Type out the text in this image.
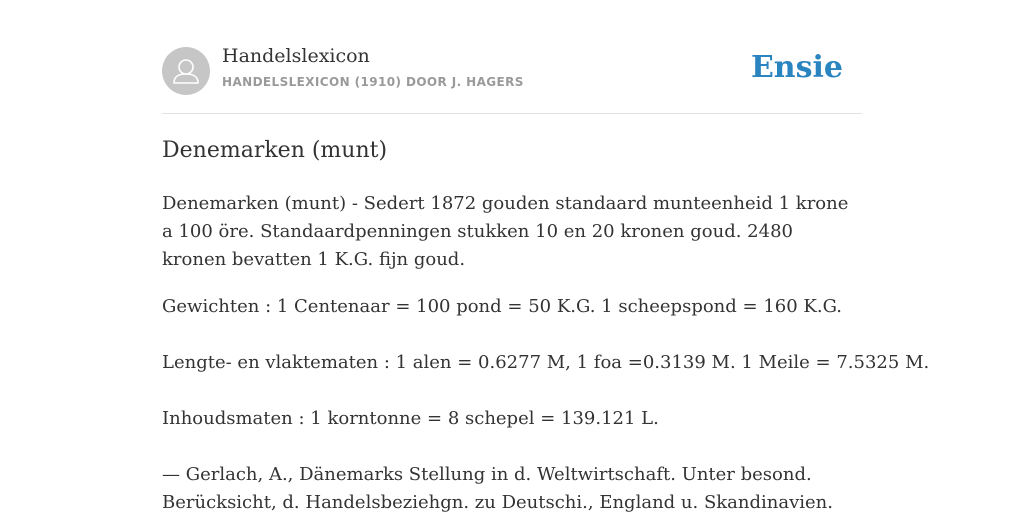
Handelslexicon
HANDELSLEXICON (1910) DOOR J. HAGERS	Ensie
Denemarken (munt)

Denemarken (munt) - Sedert 1872 gouden standaard munteenheid 1 krone a 100 öre. Standaardpenningen stukken 10 en 20 kronen goud. 2480 kronen bevatten 1 K.G. fijn goud.

Gewichten : 1 Centenaar = 100 pond = 50 K.G. 1 scheepspond = 160 K.G.

Lengte- en vlaktematen : 1 alen = 0.6277 M, 1 foa =0.3139 M. 1 Meile = 7.5325 M.

Inhoudsmaten : 1 korntonne = 8 schepel = 139.121 L.

— Gerlach, A., Dänemarks Stellung in d. Weltwirtschaft. Unter besond. Berücksicht, d. Handelsbeziehgn. zu Deutschi., England u. Skandinavien.
